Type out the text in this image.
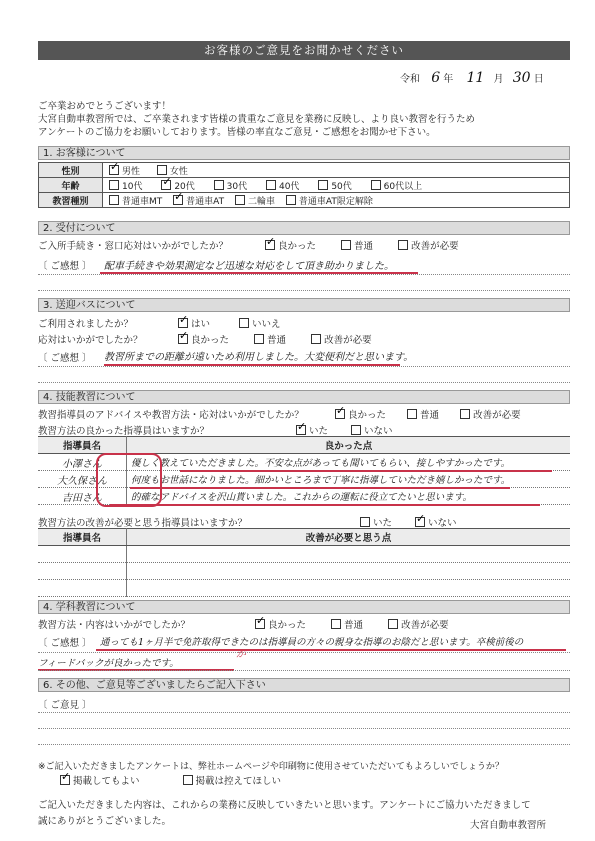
お客様のご意見をお聞かせください
令和 6 年 11 月 30 日
ご卒業おめでとうございます！
大宮自動車教習所では、ご卒業されます皆様の貴重なご意見を業務に反映し、より良い教習を行うため
アンケートのご協力をお願いしております。皆様の率直なご意見・ご感想をお聞かせ下さい。
1. お客様について
性別	✓男性 女性
年齢	10代 ✓ 20代 30代 40代 50代 60代以上
教習種別	普通車MT ✓ 普通車AT 二輪車 普通車AT限定解除
2. 受付について
ご入所手続き・窓口応対はいかがでしたか？ ✓	良かった	普通	改善が必要
〔 ご感想 〕 配車手続きや効果測定など迅速な対応をして頂き助かりました。
3. 送迎バスについて
ご利用されましたか？ ✓	はい	いいえ
応対はいかがでしたか？ ✓	良かった	普通	改善が必要
〔 ご感想 〕 教習所までの距離が遠いため利用しました。大変便利だと思います。
4. 技能教習について
教習指導員のアドバイスや教習方法・応対はいかがでしたか？ ✓	良かった	普通	改善が必要
教習方法の良かった指導員はいますか？ ✓	いた	いない
指導員名	良かった点
小澤さん	優しく教えていただきました。不安な点があっても聞いてもらい、接しやすかったです。
大久保さん	何度もお世話になりました。細かいところまで丁寧に指導していただき嬉しかったです。
吉田さん	的確なアドバイスを沢山貰いました。これからの運転に役立てたいと思います。
教習方法の改善が必要と思う指導員はいますか？	いた ✓	いない
指導員名	改善が必要と思う点

4. 学科教習について
教習方法・内容はいかがでしたか？ ✓	良かった	普通	改善が必要
〔 ご感想 〕 通っても1ヶ月半で免許取得できたのは指導員の方々の親身な指導のお陰だと思います。卒検前後の
が
フィードバックが良かったです。
6. その他、ご意見等ございましたらご記入下さい
〔 ご意見 〕
※ご記入いただきましたアンケートは、弊社ホームページや印刷物に使用させていただいてもよろしいでしょうか？
✓掲載してもよい	掲載は控えてほしい
ご記入いただきました内容は、これからの業務に反映していきたいと思います。アンケートにご協力いただきまして
誠にありがとうございました。	大宮自動車教習所
